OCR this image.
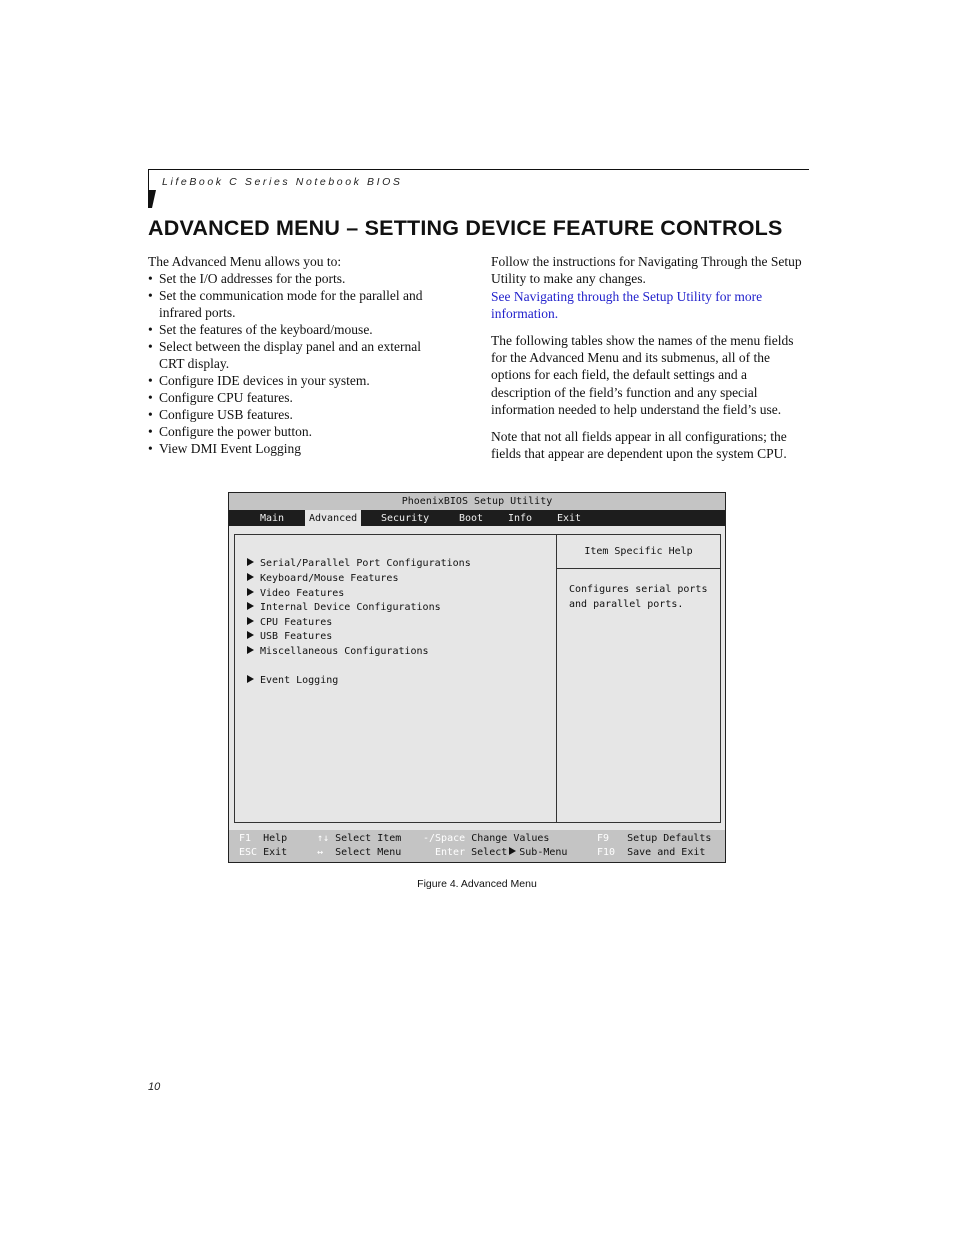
LifeBook C Series Notebook BIOS
ADVANCED MENU – SETTING DEVICE FEATURE CONTROLS

The Advanced Menu allows you to:

• Set the I/O addresses for the ports.
• Set the communication mode for the parallel and infrared ports.
• Set the features of the keyboard/mouse.
• Select between the display panel and an external CRT display.
• Configure IDE devices in your system.
• Configure CPU features.
• Configure USB features.
• Configure the power button.
• View DMI Event Logging

Follow the instructions for Navigating Through the Setup Utility to make any changes.
See Navigating through the Setup Utility for more information.

The following tables show the names of the menu fields for the Advanced Menu and its submenus, all of the options for each field, the default settings and a description of the field’s function and any special information needed to help understand the field’s use.

Note that not all fields appear in all configurations; the fields that appear are dependent upon the system CPU.

PhoenixBIOS Setup Utility
Main	Advanced	Security	Boot Info Exit
Serial/Parallel Port Configurations
Keyboard/Mouse Features
Video Features
Internal Device Configurations
CPU Features
USB Features
Miscellaneous Configurations
Event Logging
Item Specific Help
Configures serial ports and parallel ports.
F1 Help
ESC Exit
↑↓ Select Item
↔ Select Menu
-/Space Change Values
Enter Select Sub-Menu
F9 Setup Defaults
F10 Save and Exit
Figure 4. Advanced Menu
10
